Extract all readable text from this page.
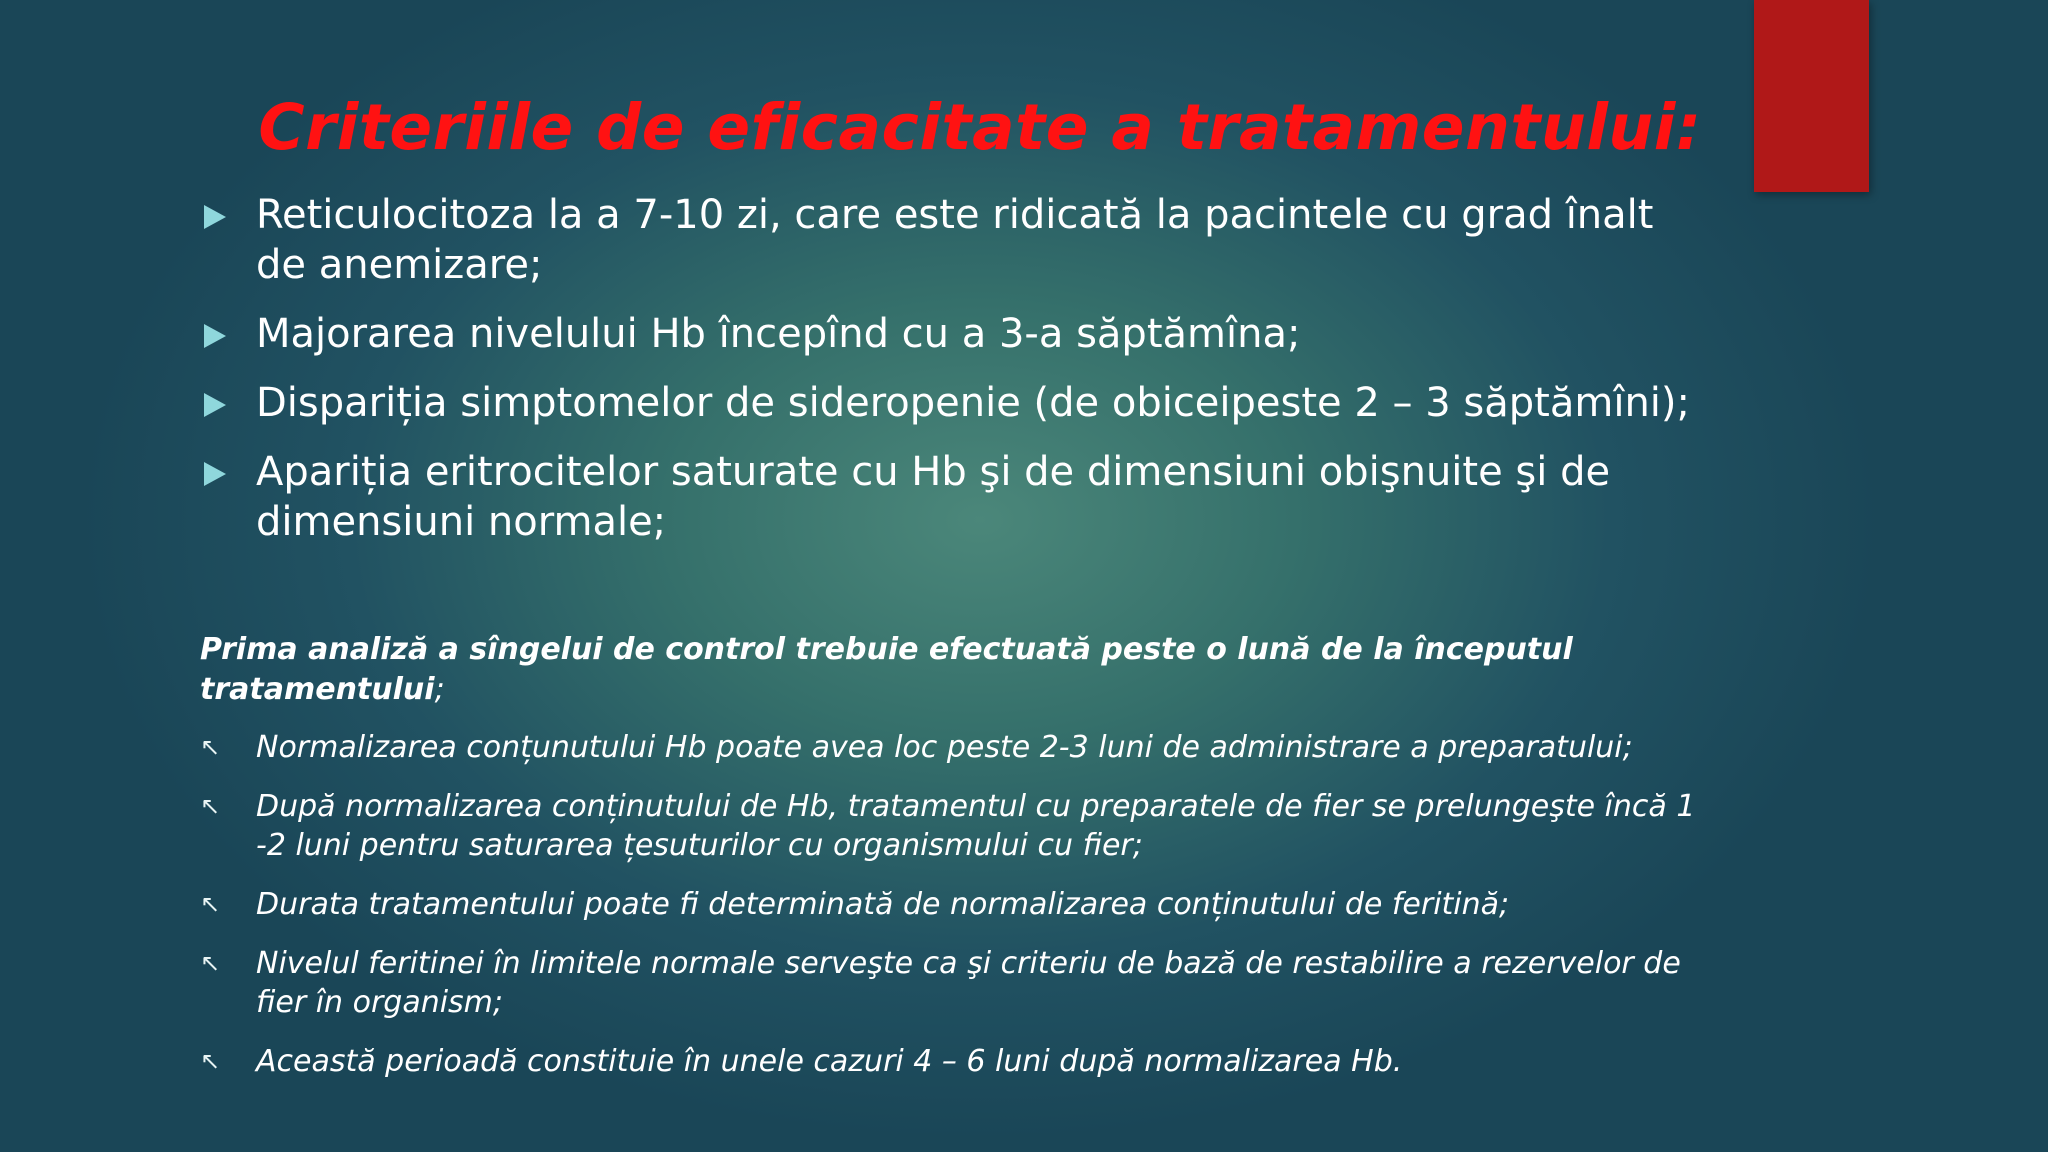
Criteriile de eficacitate a tratamentului:
Reticulocitoza la a 7-10 zi, care este ridicată la pacintele cu grad înalt de anemizare;
Majorarea nivelului Hb începînd cu a 3-a săptămîna;
Dispariția simptomelor de sideropenie (de obiceipeste 2 – 3 săptămîni);
Apariția eritrocitelor saturate cu Hb şi de dimensiuni obişnuite şi de dimensiuni normale;
Prima analiză a sîngelui de control trebuie efectuată peste o lună de la începutul tratamentului;
↖ Normalizarea conțunutului Hb poate avea loc peste 2-3 luni de administrare a preparatului;
↖ După normalizarea conținutului de Hb, tratamentul cu preparatele de fier se prelungeşte încă 1 -2 luni pentru saturarea țesuturilor cu organismului cu fier;
↖ Durata tratamentului poate fi determinată de normalizarea conținutului de feritină;
↖ Nivelul feritinei în limitele normale serveşte ca şi criteriu de bază de restabilire a rezervelor de fier în organism;
↖ Această perioadă constituie în unele cazuri 4 – 6 luni după normalizarea Hb.
